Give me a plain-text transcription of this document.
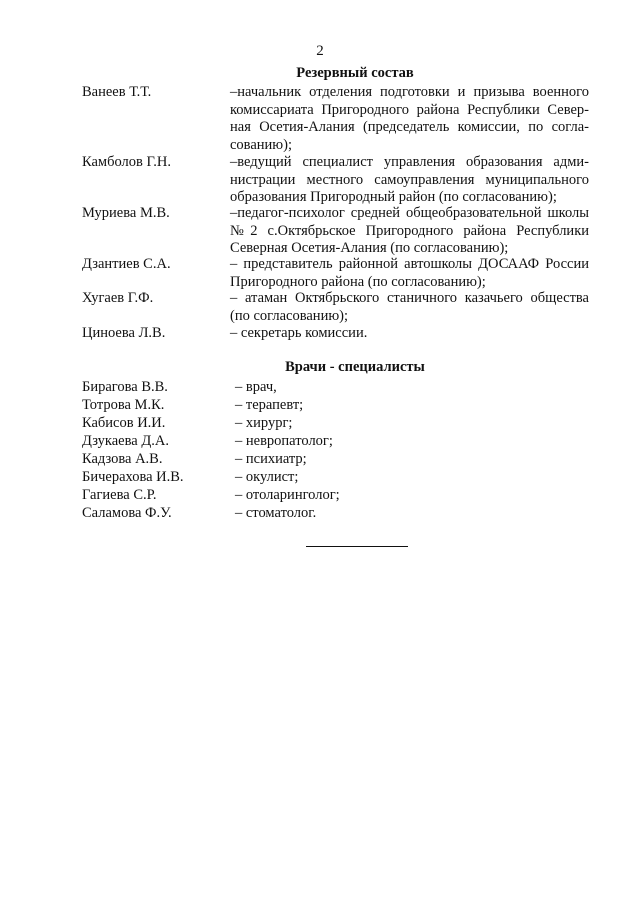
2
Резервный состав
Ванеев Т.Т.	–начальник отделения подготовки и призыва военного комиссариата Пригородного района Республики Северная Осетия-Алания (председатель комиссии, по согласованию);
Камболов Г.Н.	–ведущий специалист управления образования администрации местного самоуправления муниципального образования Пригородный район (по согласованию);
Муриева М.В.	–педагог-психолог средней общеобразовательной школы №2 с.Октябрьское Пригородного района Республики Северная Осетия-Алания (по согласованию);
Дзантиев С.А.	– представитель районной автошколы ДОСААФ России Пригородного района (по согласованию);
Хугаев Г.Ф.	– атаман Октябрьского станичного казачьего общества (по согласованию);
Циноева Л.В.	– секретарь комиссии.
Врачи - специалисты
Бирагова В.В.	– врач,
Тотрова М.К.	– терапевт;
Кабисов И.И.	– хирург;
Дзукаева Д.А.	– невропатолог;
Кадзова А.В.	– психиатр;
Бичерахова И.В.	– окулист;
Гагиева С.Р.	– отоларинголог;
Саламова Ф.У.	– стоматолог.
